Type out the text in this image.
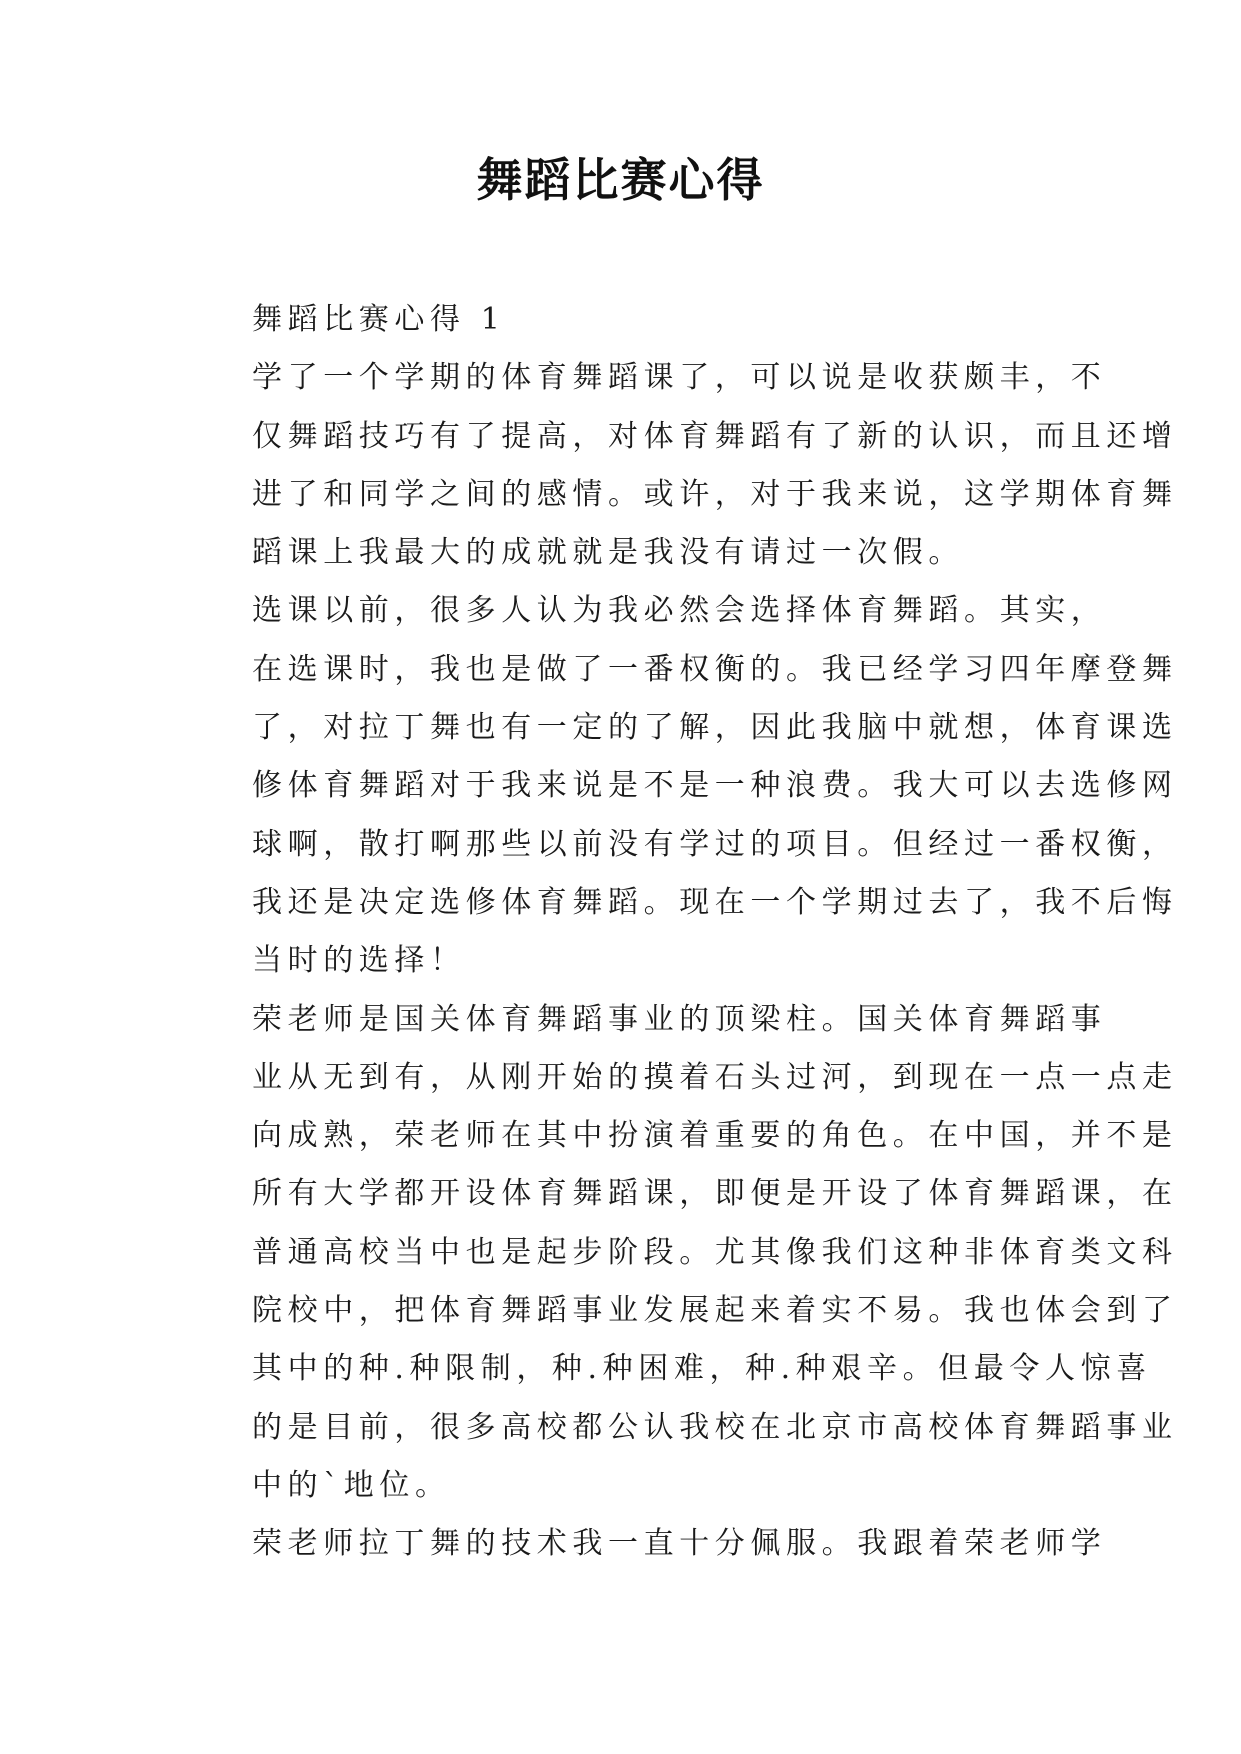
舞蹈比赛心得

舞蹈比赛心得 1

学了一个学期的体育舞蹈课了，可以说是收获颇丰，不
仅舞蹈技巧有了提高，对体育舞蹈有了新的认识，而且还增
进了和同学之间的感情。或许，对于我来说，这学期体育舞
蹈课上我最大的成就就是我没有请过一次假。

选课以前，很多人认为我必然会选择体育舞蹈。其实，
在选课时，我也是做了一番权衡的。我已经学习四年摩登舞
了，对拉丁舞也有一定的了解，因此我脑中就想，体育课选
修体育舞蹈对于我来说是不是一种浪费。我大可以去选修网
球啊，散打啊那些以前没有学过的项目。但经过一番权衡，
我还是决定选修体育舞蹈。现在一个学期过去了，我不后悔
当时的选择！

荣老师是国关体育舞蹈事业的顶梁柱。国关体育舞蹈事
业从无到有，从刚开始的摸着石头过河，到现在一点一点走
向成熟，荣老师在其中扮演着重要的角色。在中国，并不是
所有大学都开设体育舞蹈课，即便是开设了体育舞蹈课，在
普通高校当中也是起步阶段。尤其像我们这种非体育类文科
院校中，把体育舞蹈事业发展起来着实不易。我也体会到了
其中的种.种限制，种.种困难，种.种艰辛。但最令人惊喜
的是目前，很多高校都公认我校在北京市高校体育舞蹈事业
中的`地位。

荣老师拉丁舞的技术我一直十分佩服。我跟着荣老师学
